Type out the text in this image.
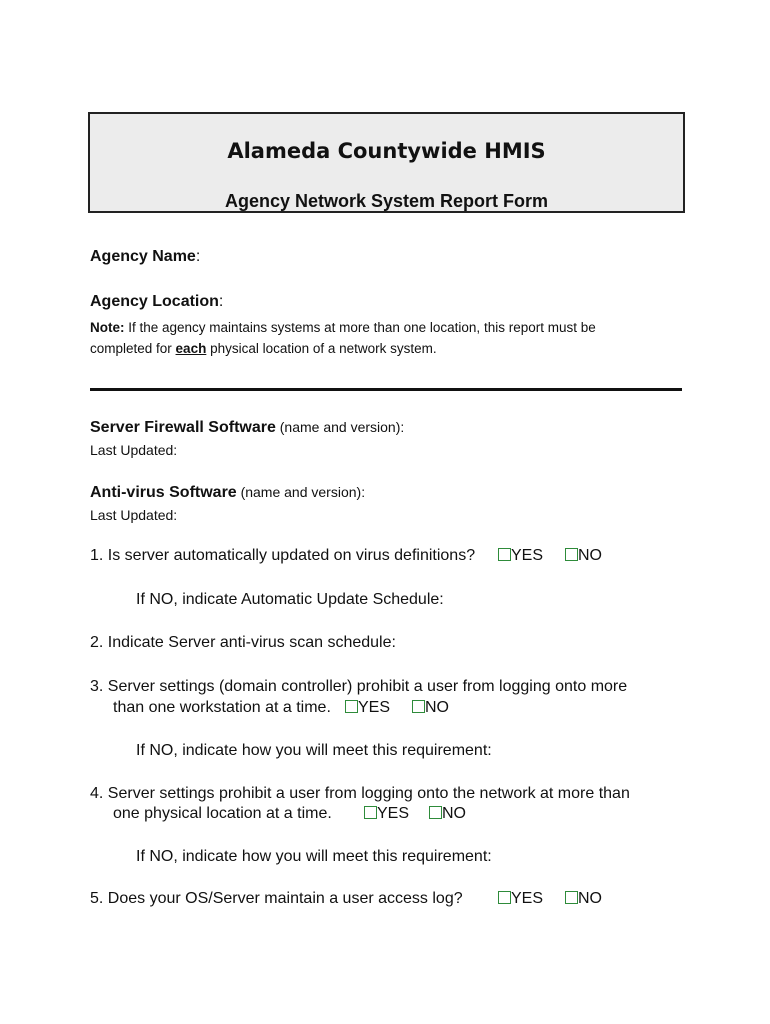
Alameda Countywide HMIS
Agency Network System Report Form
Agency Name:
Agency Location:
Note: If the agency maintains systems at more than one location, this report must be
completed for each physical location of a network system.
Server Firewall Software (name and version):
Last Updated:
Anti-virus Software (name and version):
Last Updated:
1. Is server automatically updated on virus definitions?	YES	NO
If NO, indicate Automatic Update Schedule:
2. Indicate Server anti-virus scan schedule:
3. Server settings (domain controller) prohibit a user from logging onto more
than one workstation at a time.	YES	NO
If NO, indicate how you will meet this requirement:
4. Server settings prohibit a user from logging onto the network at more than
one physical location at a time.	YES	NO
If NO, indicate how you will meet this requirement:
5. Does your OS/Server maintain a user access log?	YES	NO
